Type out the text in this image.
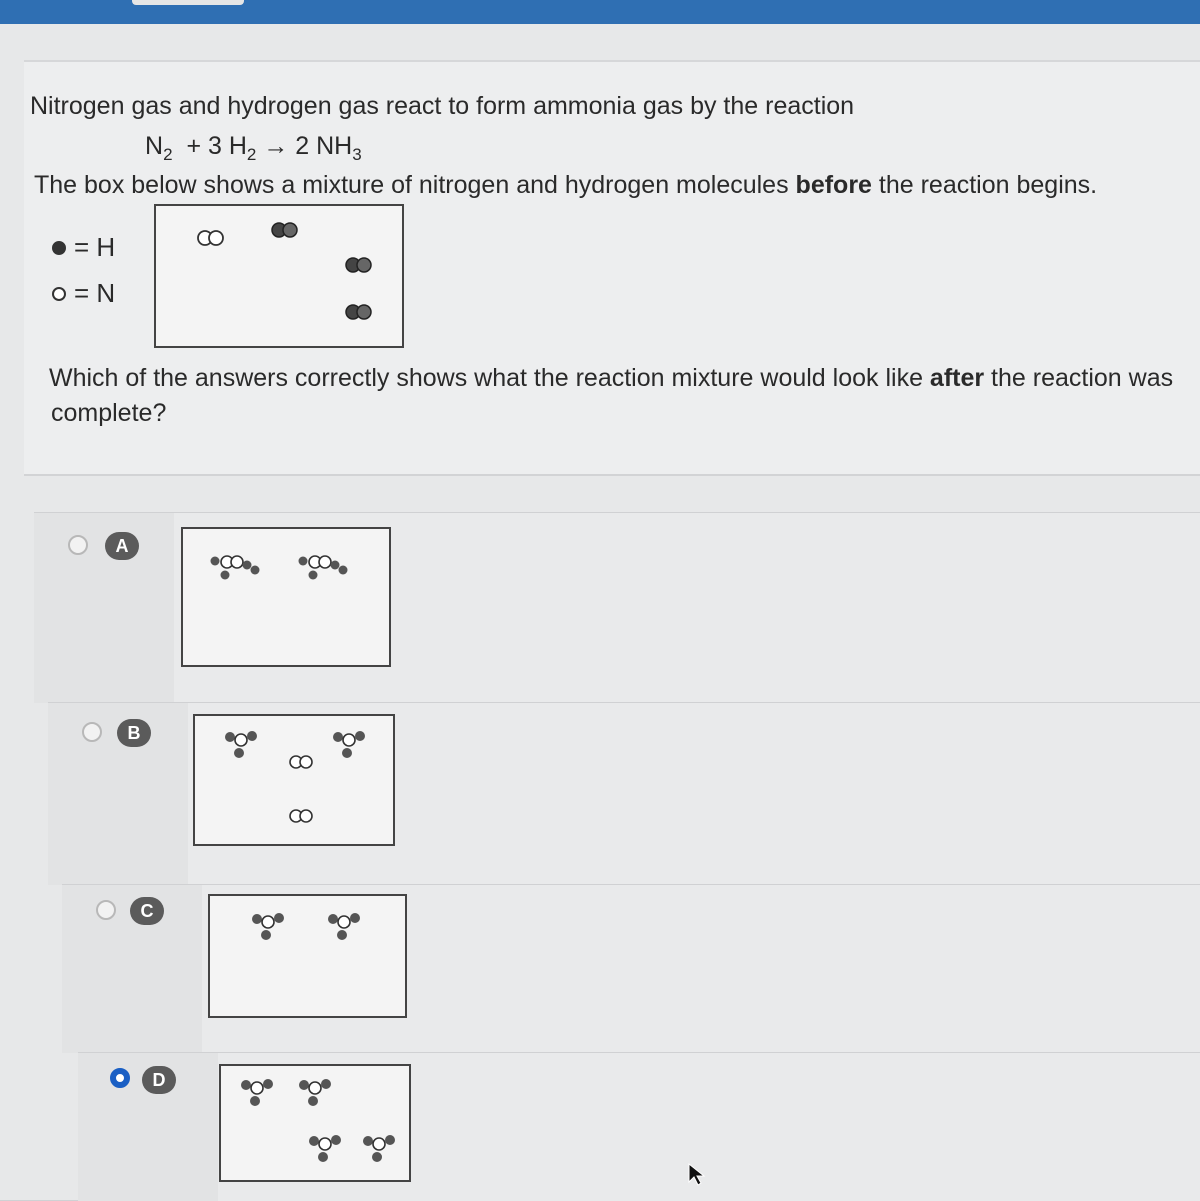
Nitrogen gas and hydrogen gas react to form ammonia gas by the reaction
$N_2 + 3$ $H_2 \to 2$ $NH_3$
The box below shows a mixture of nitrogen and hydrogen molecules before the reaction begins.
= H
= N
Which of the answers correctly shows what the reaction mixture would look like after the reaction was
complete?
A
B
C
D
